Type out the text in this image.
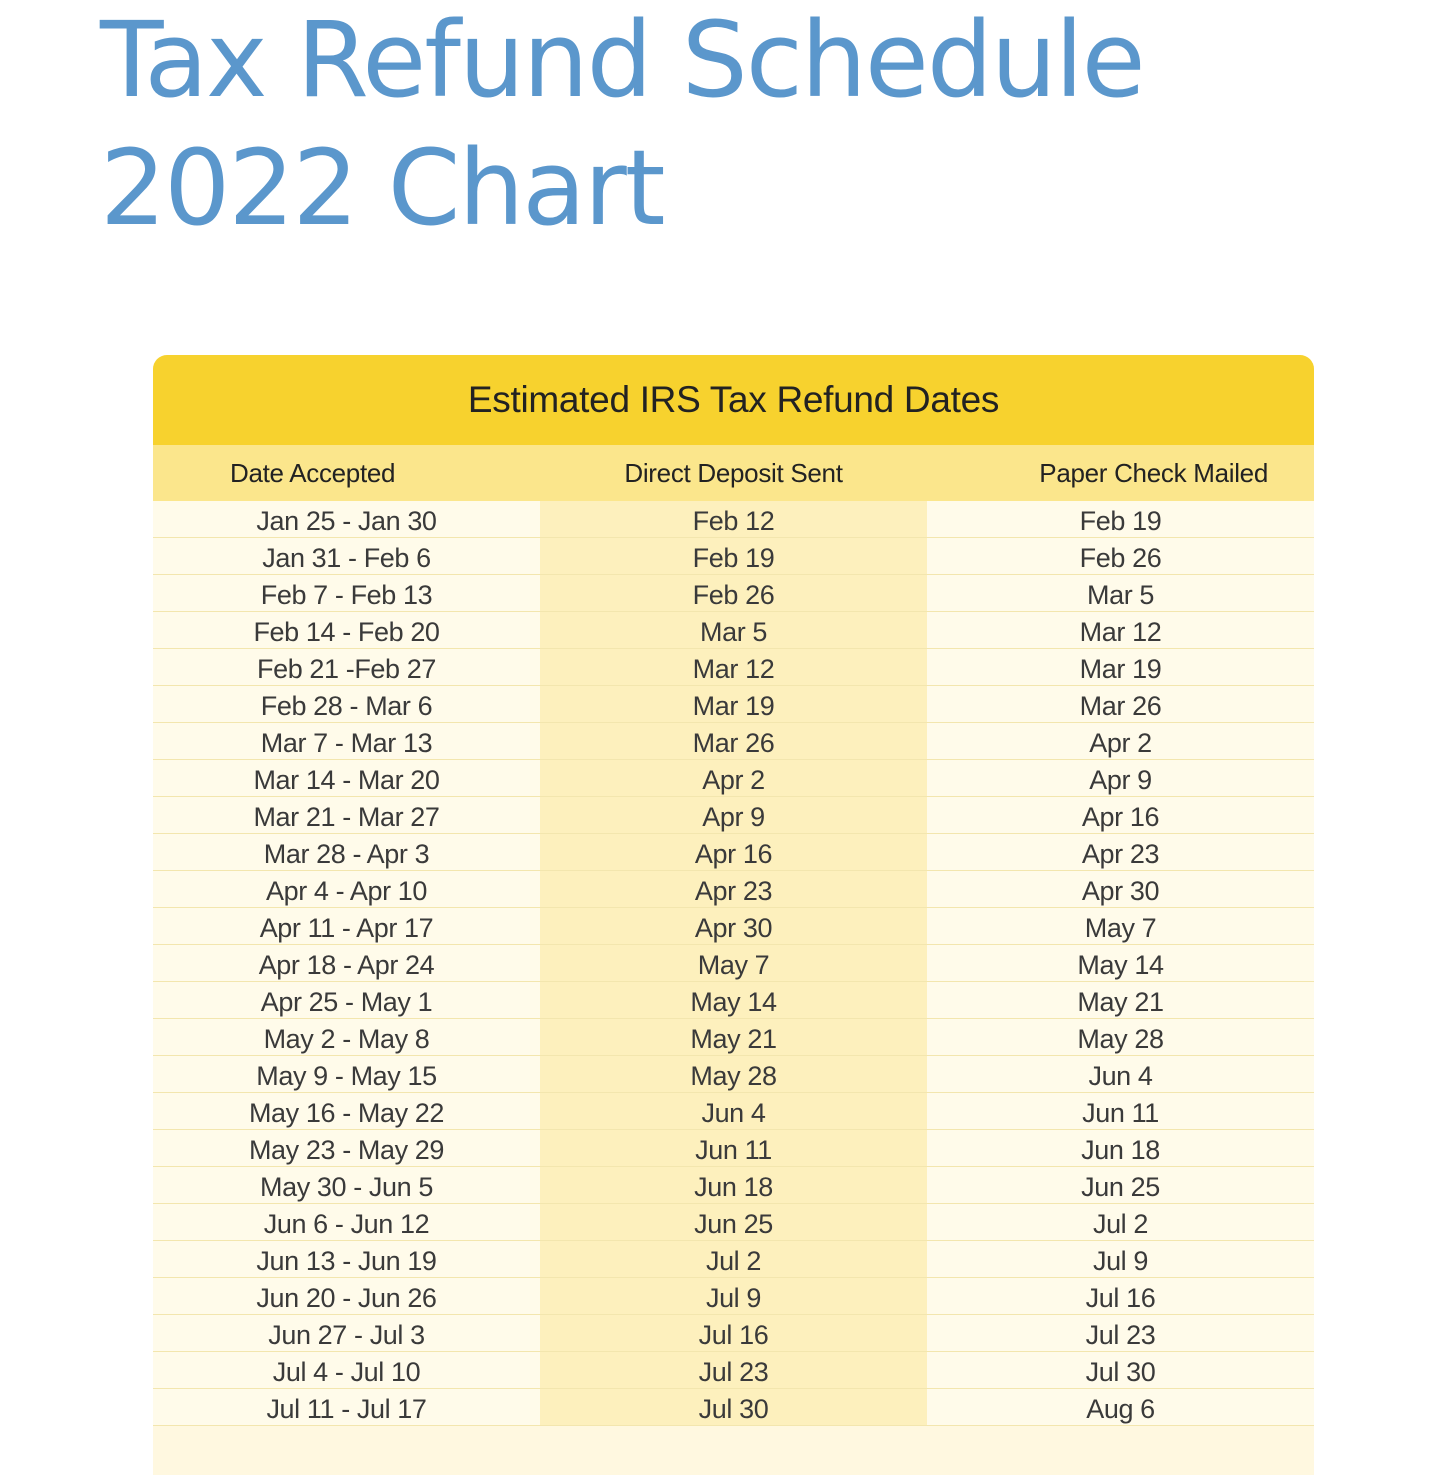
Tax Refund Schedule
2022 Chart
Estimated IRS Tax Refund Dates
Date Accepted	Direct Deposit Sent	Paper Check Mailed
Jan 25 - Jan 30	Feb 12	Feb 19
Jan 31 - Feb 6	Feb 19	Feb 26
Feb 7 - Feb 13	Feb 26	Mar 5
Feb 14 - Feb 20	Mar 5	Mar 12
Feb 21 -Feb 27	Mar 12	Mar 19
Feb 28 - Mar 6	Mar 19	Mar 26
Mar 7 - Mar 13	Mar 26	Apr 2
Mar 14 - Mar 20	Apr 2	Apr 9
Mar 21 - Mar 27	Apr 9	Apr 16
Mar 28 - Apr 3	Apr 16	Apr 23
Apr 4 - Apr 10	Apr 23	Apr 30
Apr 11 - Apr 17	Apr 30	May 7
Apr 18 - Apr 24	May 7	May 14
Apr 25 - May 1	May 14	May 21
May 2 - May 8	May 21	May 28
May 9 - May 15	May 28	Jun 4
May 16 - May 22	Jun 4	Jun 11
May 23 - May 29	Jun 11	Jun 18
May 30 - Jun 5	Jun 18	Jun 25
Jun 6 - Jun 12	Jun 25	Jul 2
Jun 13 - Jun 19	Jul 2	Jul 9
Jun 20 - Jun 26	Jul 9	Jul 16
Jun 27 - Jul 3	Jul 16	Jul 23
Jul 4 - Jul 10	Jul 23	Jul 30
Jul 11 - Jul 17	Jul 30	Aug 6
